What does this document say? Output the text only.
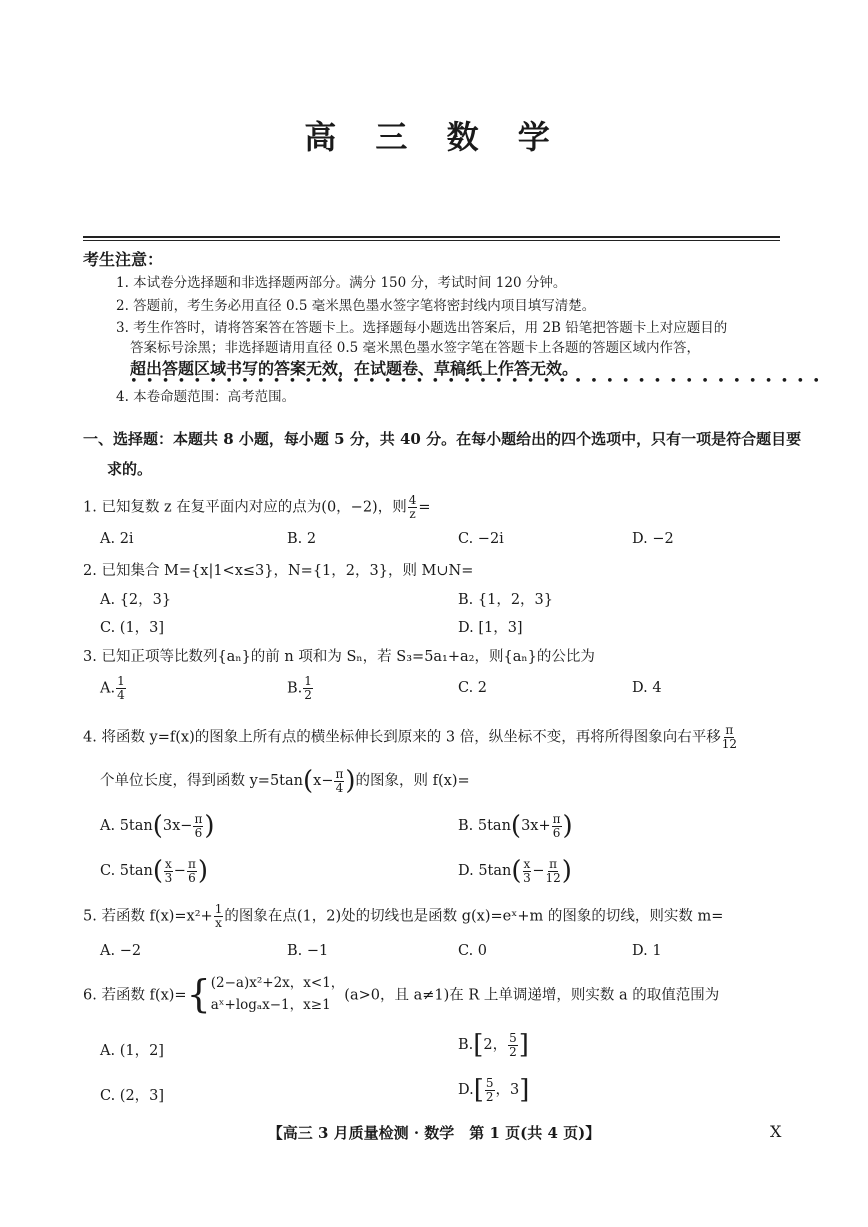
高 三 数 学
考生注意：
1. 本试卷分选择题和非选择题两部分。满分 150 分，考试时间 120 分钟。
2. 答题前，考生务必用直径 0.5 毫米黑色墨水签字笔将密封线内项目填写清楚。
3. 考生作答时，请将答案答在答题卡上。选择题每小题选出答案后，用 2B 铅笔把答题卡上对应题目的
答案标号涂黑；非选择题请用直径 0.5 毫米黑色墨水签字笔在答题卡上各题的答题区域内作答，
超出答题区域书写的答案无效，在试题卷、草稿纸上作答无效。
••••••••••••••••••••••••••••••••••••••••••••
4. 本卷命题范围：高考范围。
一、选择题：本题共 8 小题，每小题 5 分，共 40 分。在每小题给出的四个选项中，只有一项是符合题目要
求的。
1. 已知复数 z 在复平面内对应的点为(0，−2)，则 $\frac{4}{z}$ =
A. 2i	B. 2	C. −2i	D. −2
2. 已知集合 M={x|1<x≤3}，N={1，2，3}，则 M∪N=
A. {2，3}	B. {1，2，3}
C. (1，3]	D. [1，3]
3. 已知正项等比数列{aₙ}的前 n 项和为 Sₙ，若 S₃=5a₁+a₂，则{aₙ}的公比为
A. $\frac{1}{4}$	B. $\frac{1}{2}$	C. 2	D. 4
4. 将函数 y=f(x)的图象上所有点的横坐标伸长到原来的 3 倍，纵坐标不变，再将所得图象向右平移 $\frac{\pi}{12}$
个单位长度，得到函数 $y=5\tan(x- \frac{\pi}{4}$ )的图象，则 f(x)=
A. $5\tan(3x- \frac{\pi}{6}$ )	B. $5\tan(3x+ \frac{\pi}{6}$ )
C. $5\tan( \frac{x}{3} - \frac{\pi}{6}$ )	D. $5\tan( \frac{x}{3} - \frac{\pi}{12}$ )
5. 若函数 $f(x)=x^2+ \frac{1}{x}$ 的图象在点(1，2)处的切线也是函数 g(x)=eˣ+m 的图象的切线，则实数 m=
A. −2	B. −1	C. 0	D. 1
6. 若函数 f(x)={ (2−a)x²+2x，x<1，
aˣ+logₐx−1，x≥1
(a>0，且 a≠1)在 R 上单调递增，则实数 a 的取值范围为
A. (1，2]	B.[2， $\frac{5}{2}$ ]
C. (2，3]	$D.[ \frac{5}{2}$ ，3]
【高三 3 月质量检测 · 数学　第 1 页(共 4 页)】	X
